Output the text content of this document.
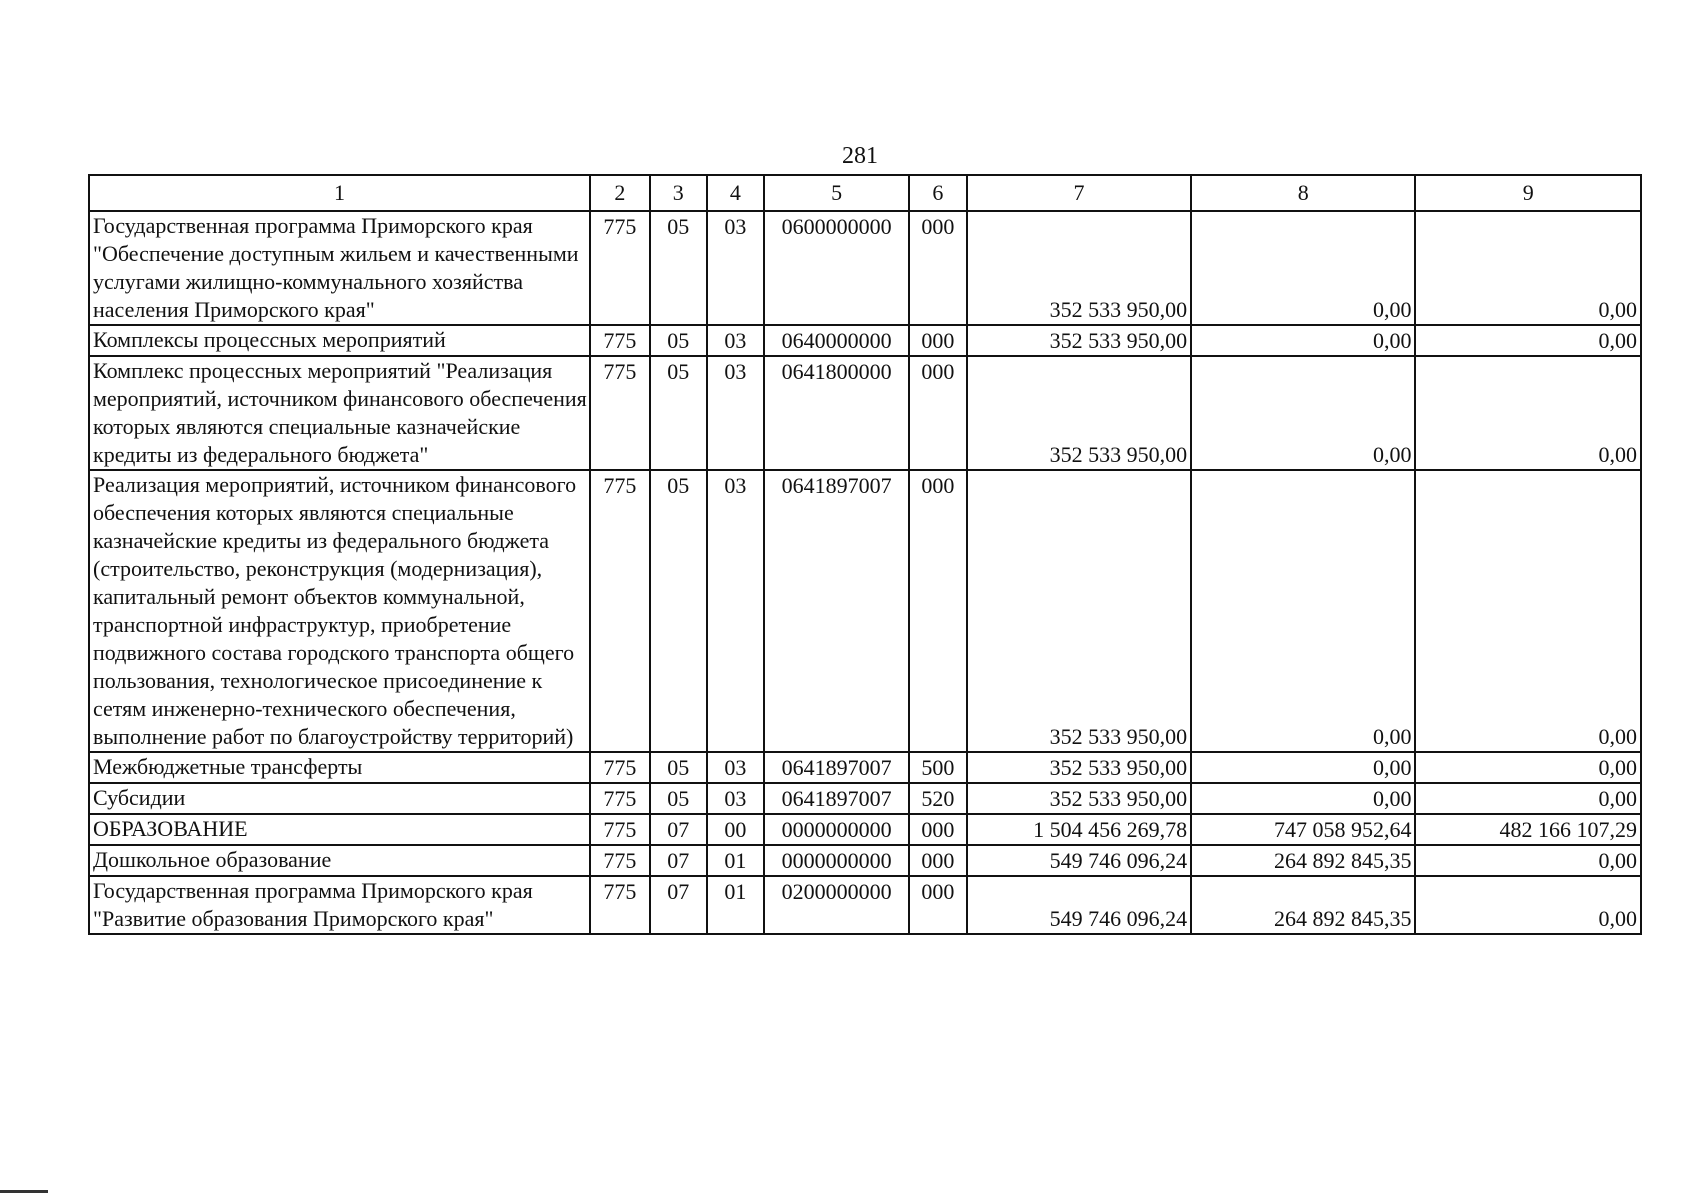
281
1	2	3	4	5	6	7	8	9
Государственная программа Приморского края "Обеспечение доступным жильем и качественными услугами жилищно-коммунального хозяйства населения Приморского края"	775	05	03	0600000000	000	352 533 950,00	0,00	0,00
Комплексы процессных мероприятий	775	05	03	0640000000	000	352 533 950,00	0,00	0,00
Комплекс процессных мероприятий "Реализация мероприятий, источником финансового обеспечения которых являются специальные казначейские кредиты из федерального бюджета"	775	05	03	0641800000	000	352 533 950,00	0,00	0,00
Реализация мероприятий, источником финансового обеспечения которых являются специальные казначейские кредиты из федерального бюджета (строительство, реконструкция (модернизация), капитальный ремонт объектов коммунальной, транспортной инфраструктур, приобретение подвижного состава городского транспорта общего пользования, технологическое присоединение к сетям инженерно-технического обеспечения, выполнение работ по благоустройству территорий)	775	05	03	0641897007	000	352 533 950,00	0,00	0,00
Межбюджетные трансферты	775	05	03	0641897007	500	352 533 950,00	0,00	0,00
Субсидии	775	05	03	0641897007	520	352 533 950,00	0,00	0,00
ОБРАЗОВАНИЕ	775	07	00	0000000000	000	1 504 456 269,78	747 058 952,64	482 166 107,29
Дошкольное образование	775	07	01	0000000000	000	549 746 096,24	264 892 845,35	0,00
Государственная программа Приморского края "Развитие образования Приморского края"	775	07	01	0200000000	000	549 746 096,24	264 892 845,35	0,00
